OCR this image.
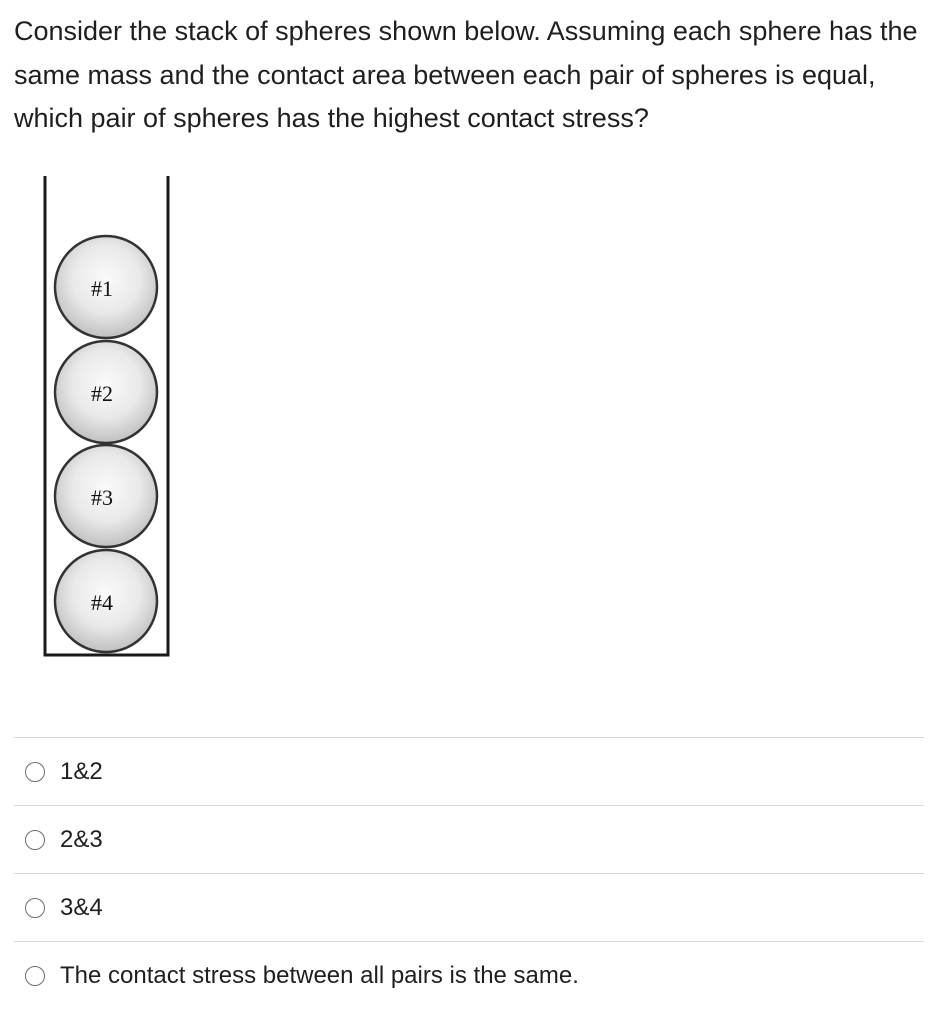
Consider the stack of spheres shown below. Assuming each sphere has the same mass and the contact area between each pair of spheres is equal, which pair of spheres has the highest contact stress?

#1
#2
#3
#4
1&2
2&3
3&4
The contact stress between all pairs is the same.
